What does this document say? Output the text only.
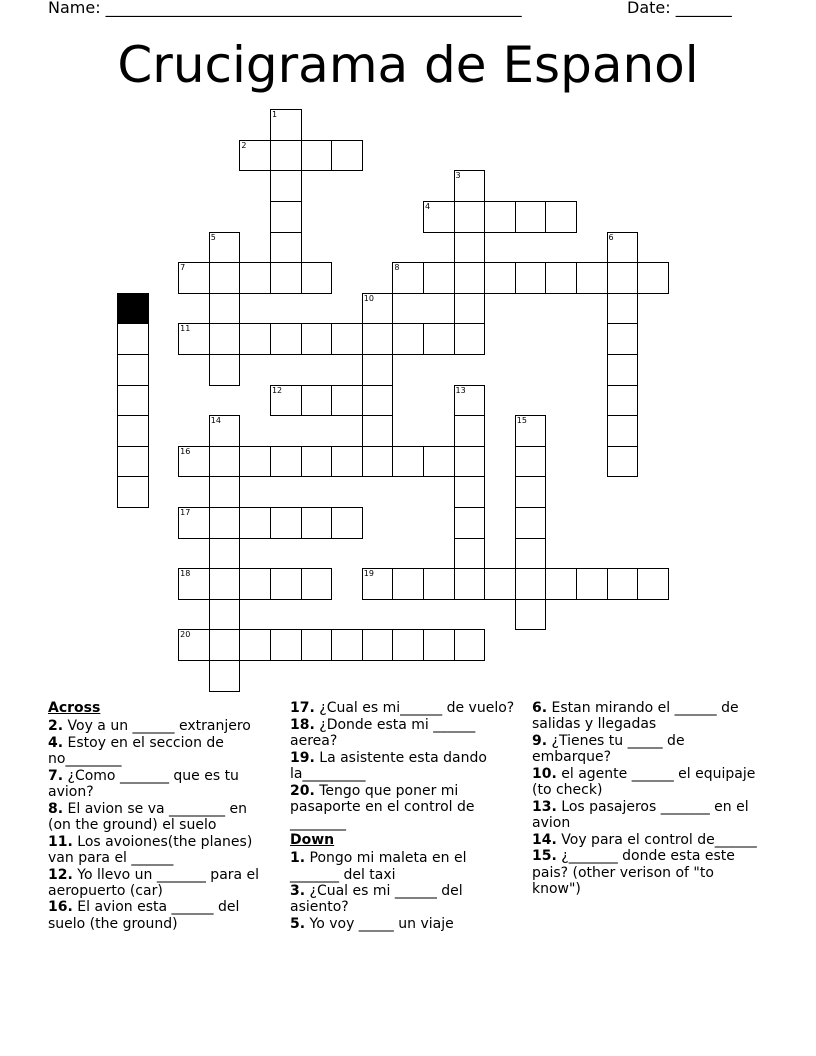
Name: ____________________________________________________	Date: _______
Crucigrama de Espanol
1
2
3
4
5	6
7	8
10
11
12	13
14	15
16
17
18	19
20
Across
2. Voy a un ______ extranjero
4. Estoy en el seccion de no________
7. ¿Como _______ que es tu avion?
8. El avion se va ________ en (on the ground) el suelo
11. Los avoiones(the planes) van para el ______
12. Yo llevo un _______ para el aeropuerto (car)
16. El avion esta ______ del suelo (the ground)
17. ¿Cual es mi______ de vuelo?
18. ¿Donde esta mi ______ aerea?
19. La asistente esta dando la_________
20. Tengo que poner mi pasaporte en el control de ________
Down
1. Pongo mi maleta en el _______ del taxi
3. ¿Cual es mi ______ del asiento?
5. Yo voy _____ un viaje
6. Estan mirando el ______ de salidas y llegadas
9. ¿Tienes tu _____ de embarque?
10. el agente ______ el equipaje (to check)
13. Los pasajeros _______ en el avion
14. Voy para el control de______
15. ¿_______ donde esta este pais? (other verison of "to know")
